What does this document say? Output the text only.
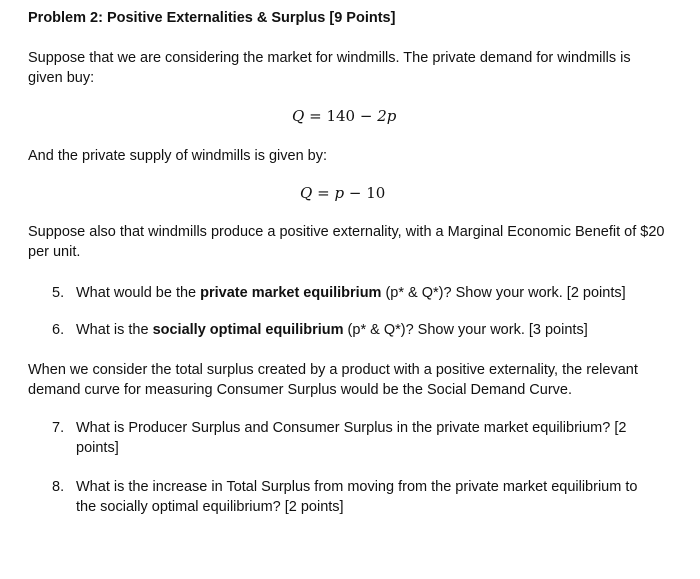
Problem 2: Positive Externalities & Surplus [9 Points]
Suppose that we are considering the market for windmills. The private demand for windmills is given buy:
Q = 140 − 2p
And the private supply of windmills is given by:
Q = p − 10
Suppose also that windmills produce a positive externality, with a Marginal Economic Benefit of $20 per unit.
5. What would be the private market equilibrium (p* & Q*)? Show your work. [2 points]
6. What is the socially optimal equilibrium (p* & Q*)? Show your work. [3 points]
When we consider the total surplus created by a product with a positive externality, the relevant demand curve for measuring Consumer Surplus would be the Social Demand Curve.
7. What is Producer Surplus and Consumer Surplus in the private market equilibrium? [2 points]
8. What is the increase in Total Surplus from moving from the private market equilibrium to the socially optimal equilibrium? [2 points]
